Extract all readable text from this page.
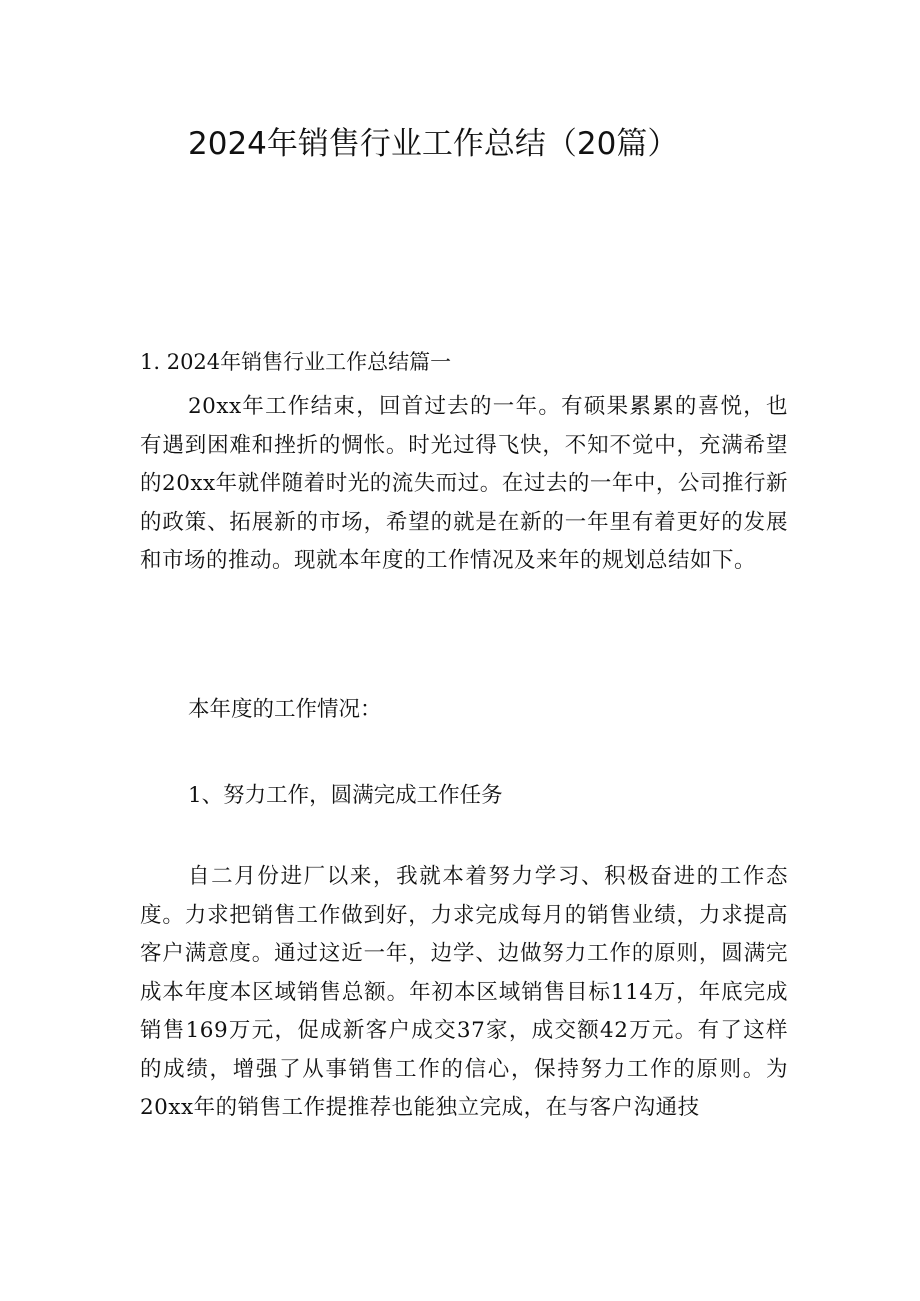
2024年销售行业工作总结（20篇）

1. 2024年销售行业工作总结篇一

20xx年工作结束，回首过去的一年。有硕果累累的喜悦，也有遇到困难和挫折的惆怅。时光过得飞快，不知不觉中，充满希望的20xx年就伴随着时光的流失而过。在过去的一年中，公司推行新的政策、拓展新的市场，希望的就是在新的一年里有着更好的发展和市场的推动。现就本年度的工作情况及来年的规划总结如下。

本年度的工作情况：

1、努力工作，圆满完成工作任务

自二月份进厂以来，我就本着努力学习、积极奋进的工作态度。力求把销售工作做到好，力求完成每月的销售业绩，力求提高客户满意度。通过这近一年，边学、边做努力工作的原则，圆满完成本年度本区域销售总额。年初本区域销售目标114万，年底完成销售169万元，促成新客户成交37家，成交额42万元。有了这样的成绩，增强了从事销售工作的信心，保持努力工作的原则。为20xx年的销售工作提推荐也能独立完成，在与客户沟通技
